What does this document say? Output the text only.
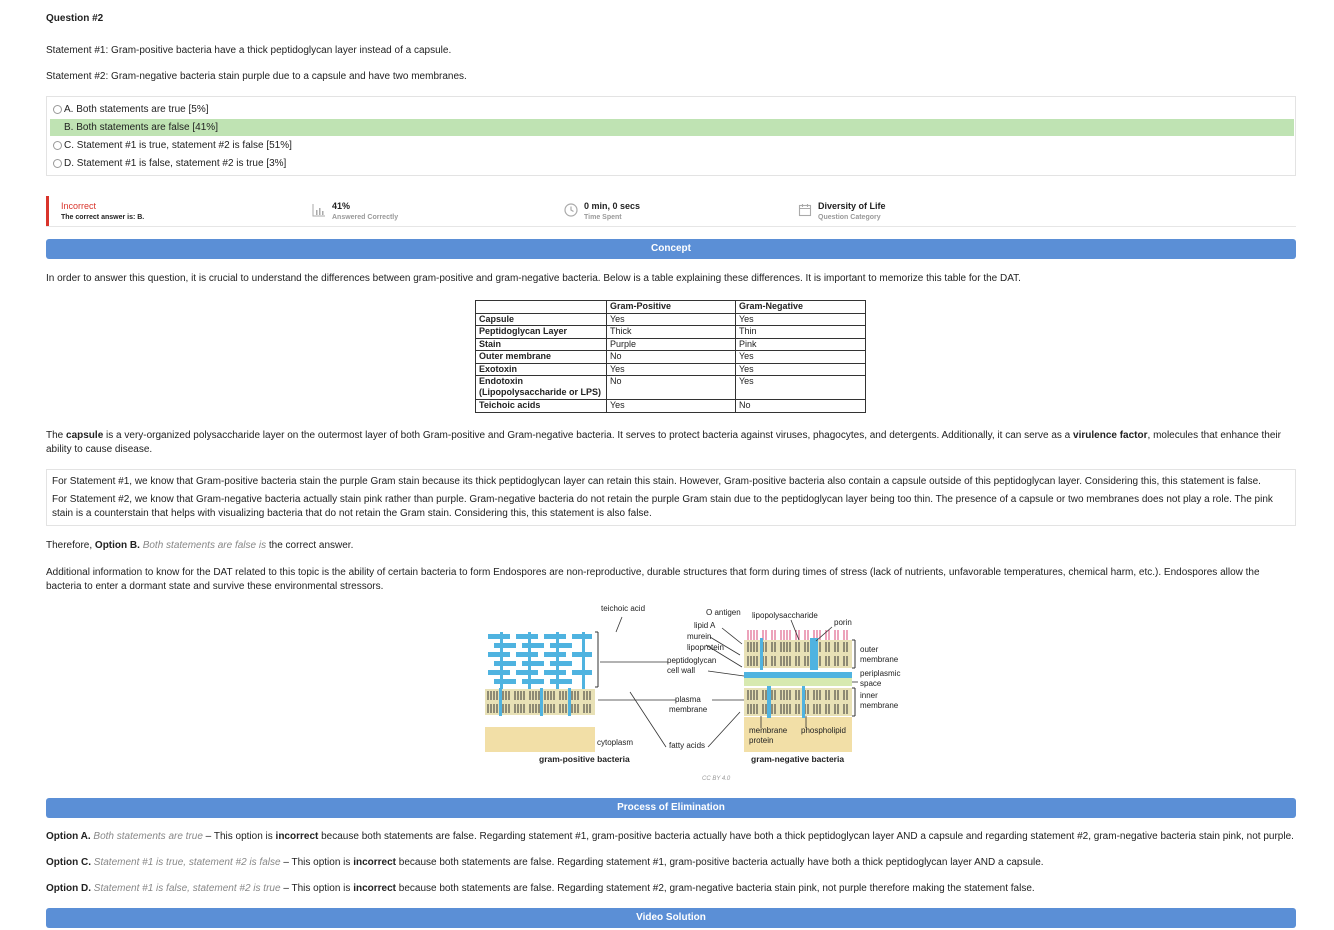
Question #2
Statement #1: Gram-positive bacteria have a thick peptidoglycan layer instead of a capsule.
Statement #2: Gram-negative bacteria stain purple due to a capsule and have two membranes.
A. Both statements are true [5%]
B. Both statements are false [41%]
C. Statement #1 is true, statement #2 is false [51%]
D. Statement #1 is false, statement #2 is true [3%]
Incorrect
The correct answer is: B.
41%
Answered Correctly
0 min, 0 secs
Time Spent
Diversity of Life
Question Category
Concept
In order to answer this question, it is crucial to understand the differences between gram-positive and gram-negative bacteria. Below is a table explaining these differences. It is important to memorize this table for the DAT.
	Gram-Positive	Gram-Negative
Capsule	Yes	Yes
Peptidoglycan Layer	Thick	Thin
Stain	Purple	Pink
Outer membrane	No	Yes
Exotoxin	Yes	Yes
Endotoxin (Lipopolysaccharide or LPS)	No	Yes
Teichoic acids	Yes	No
The capsule is a very-organized polysaccharide layer on the outermost layer of both Gram-positive and Gram-negative bacteria. It serves to protect bacteria against viruses, phagocytes, and detergents. Additionally, it can serve as a virulence factor, molecules that enhance their ability to cause disease.

For Statement #1, we know that Gram-positive bacteria stain the purple Gram stain because its thick peptidoglycan layer can retain this stain. However, Gram-positive bacteria also contain a capsule outside of this peptidoglycan layer. Considering this, this statement is false.

For Statement #2, we know that Gram-negative bacteria actually stain pink rather than purple. Gram-negative bacteria do not retain the purple Gram stain due to the peptidoglycan layer being too thin. The presence of a capsule or two membranes does not play a role. The pink stain is a counterstain that helps with visualizing bacteria that do not retain the Gram stain. Considering this, this statement is also false.

Therefore, Option B. Both statements are false is the correct answer.
Additional information to know for the DAT related to this topic is the ability of certain bacteria to form Endospores are non-reproductive, durable structures that form during times of stress (lack of nutrients, unfavorable temperatures, chemical harm, etc.). Endospores allow the bacteria to enter a dormant state and survive these environmental stressors.
teichoic acid	O antigen lipopolysaccharide
lipid A	porin
murein
lipoprotein	outer
membrane
peptidoglycan
cell wall	periplasmic
space
inner
membrane
plasma
membrane
membrane
protein
phospholipid
cytoplasm	fatty acids
gram-positive bacteria	gram-negative bacteria
CC BY 4.0
Process of Elimination
Option A. Both statements are true – This option is incorrect because both statements are false. Regarding statement #1, gram-positive bacteria actually have both a thick peptidoglycan layer AND a capsule and regarding statement #2, gram-negative bacteria stain pink, not purple.
Option C. Statement #1 is true, statement #2 is false – This option is incorrect because both statements are false. Regarding statement #1, gram-positive bacteria actually have both a thick peptidoglycan layer AND a capsule.
Option D. Statement #1 is false, statement #2 is true – This option is incorrect because both statements are false. Regarding statement #2, gram-negative bacteria stain pink, not purple therefore making the statement false.
Video Solution
